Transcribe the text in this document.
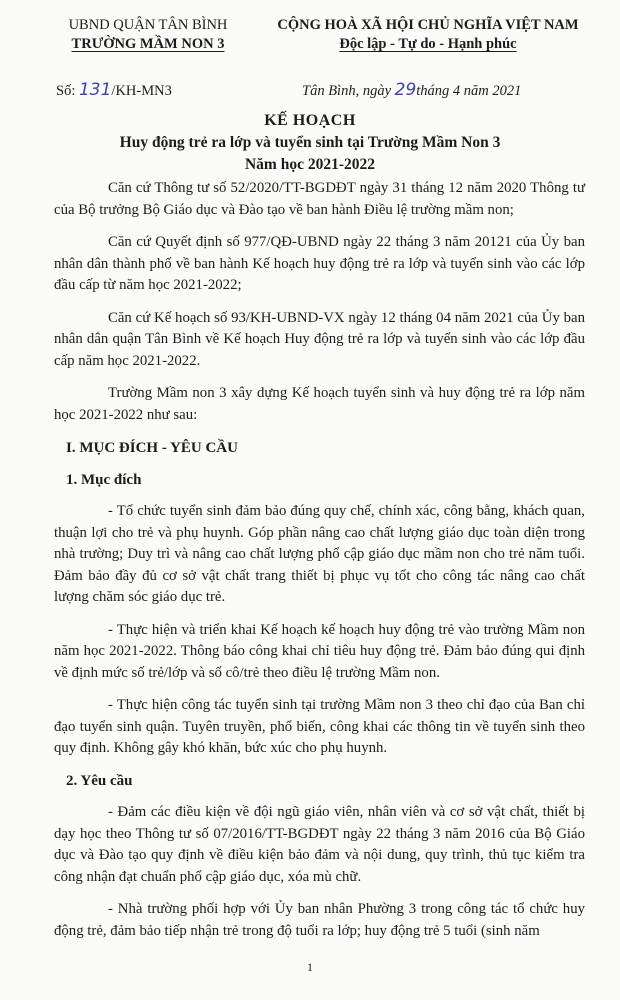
UBND QUẬN TÂN BÌNH
TRƯỜNG MẦM NON 3
CỘNG HOÀ XÃ HỘI CHỦ NGHĨA VIỆT NAM
Độc lập - Tự do - Hạnh phúc
Số: 131/KH-MN3	Tân Bình, ngày 29tháng 4 năm 2021
KẾ HOẠCH
Huy động trẻ ra lớp và tuyển sinh tại Trường Mầm Non 3
Năm học 2021-2022

Căn cứ Thông tư số 52/2020/TT-BGDĐT ngày 31 tháng 12 năm 2020 Thông tư của Bộ trưởng Bộ Giáo dục và Đào tạo về ban hành Điều lệ trường mầm non;

Căn cứ Quyết định số 977/QĐ-UBND ngày 22 tháng 3 năm 20121 của Ủy ban nhân dân thành phố về ban hành Kế hoạch huy động trẻ ra lớp và tuyển sinh vào các lớp đầu cấp từ năm học 2021-2022;

Căn cứ Kế hoạch số 93/KH-UBND-VX ngày 12 tháng 04 năm 2021 của Ủy ban nhân dân quận Tân Bình về Kế hoạch Huy động trẻ ra lớp và tuyển sinh vào các lớp đầu cấp năm học 2021-2022.

Trường Mầm non 3 xây dựng Kế hoạch tuyển sinh và huy động trẻ ra lớp năm học 2021-2022 như sau:

I. MỤC ĐÍCH - YÊU CẦU
1. Mục đích

- Tổ chức tuyển sinh đảm bảo đúng quy chế, chính xác, công bằng, khách quan, thuận lợi cho trẻ và phụ huynh. Góp phần nâng cao chất lượng giáo dục toàn diện trong nhà trường; Duy trì và nâng cao chất lượng phổ cập giáo dục mầm non cho trẻ năm tuổi. Đảm bảo đầy đủ cơ sở vật chất trang thiết bị phục vụ tốt cho công tác nâng cao chất lượng chăm sóc giáo dục trẻ.

- Thực hiện và triển khai Kế hoạch kế hoạch huy động trẻ vào trường Mầm non năm học 2021-2022. Thông báo công khai chỉ tiêu huy động trẻ. Đảm bảo đúng qui định về định mức số trẻ/lớp và số cô/trẻ theo điều lệ trường Mầm non.

- Thực hiện công tác tuyển sinh tại trường Mầm non 3 theo chỉ đạo của Ban chỉ đạo tuyển sinh quận. Tuyên truyền, phổ biến, công khai các thông tin về tuyển sinh theo quy định. Không gây khó khăn, bức xúc cho phụ huynh.

2. Yêu cầu

- Đảm các điều kiện về đội ngũ giáo viên, nhân viên và cơ sở vật chất, thiết bị dạy học theo Thông tư số 07/2016/TT-BGDĐT ngày 22 tháng 3 năm 2016 của Bộ Giáo dục và Đào tạo quy định về điều kiện bảo đảm và nội dung, quy trình, thủ tục kiểm tra công nhận đạt chuẩn phổ cập giáo dục, xóa mù chữ.

- Nhà trường phối hợp với Ủy ban nhân Phường 3 trong công tác tổ chức huy động trẻ, đảm bảo tiếp nhận trẻ trong độ tuổi ra lớp; huy động trẻ 5 tuổi (sinh năm

1
